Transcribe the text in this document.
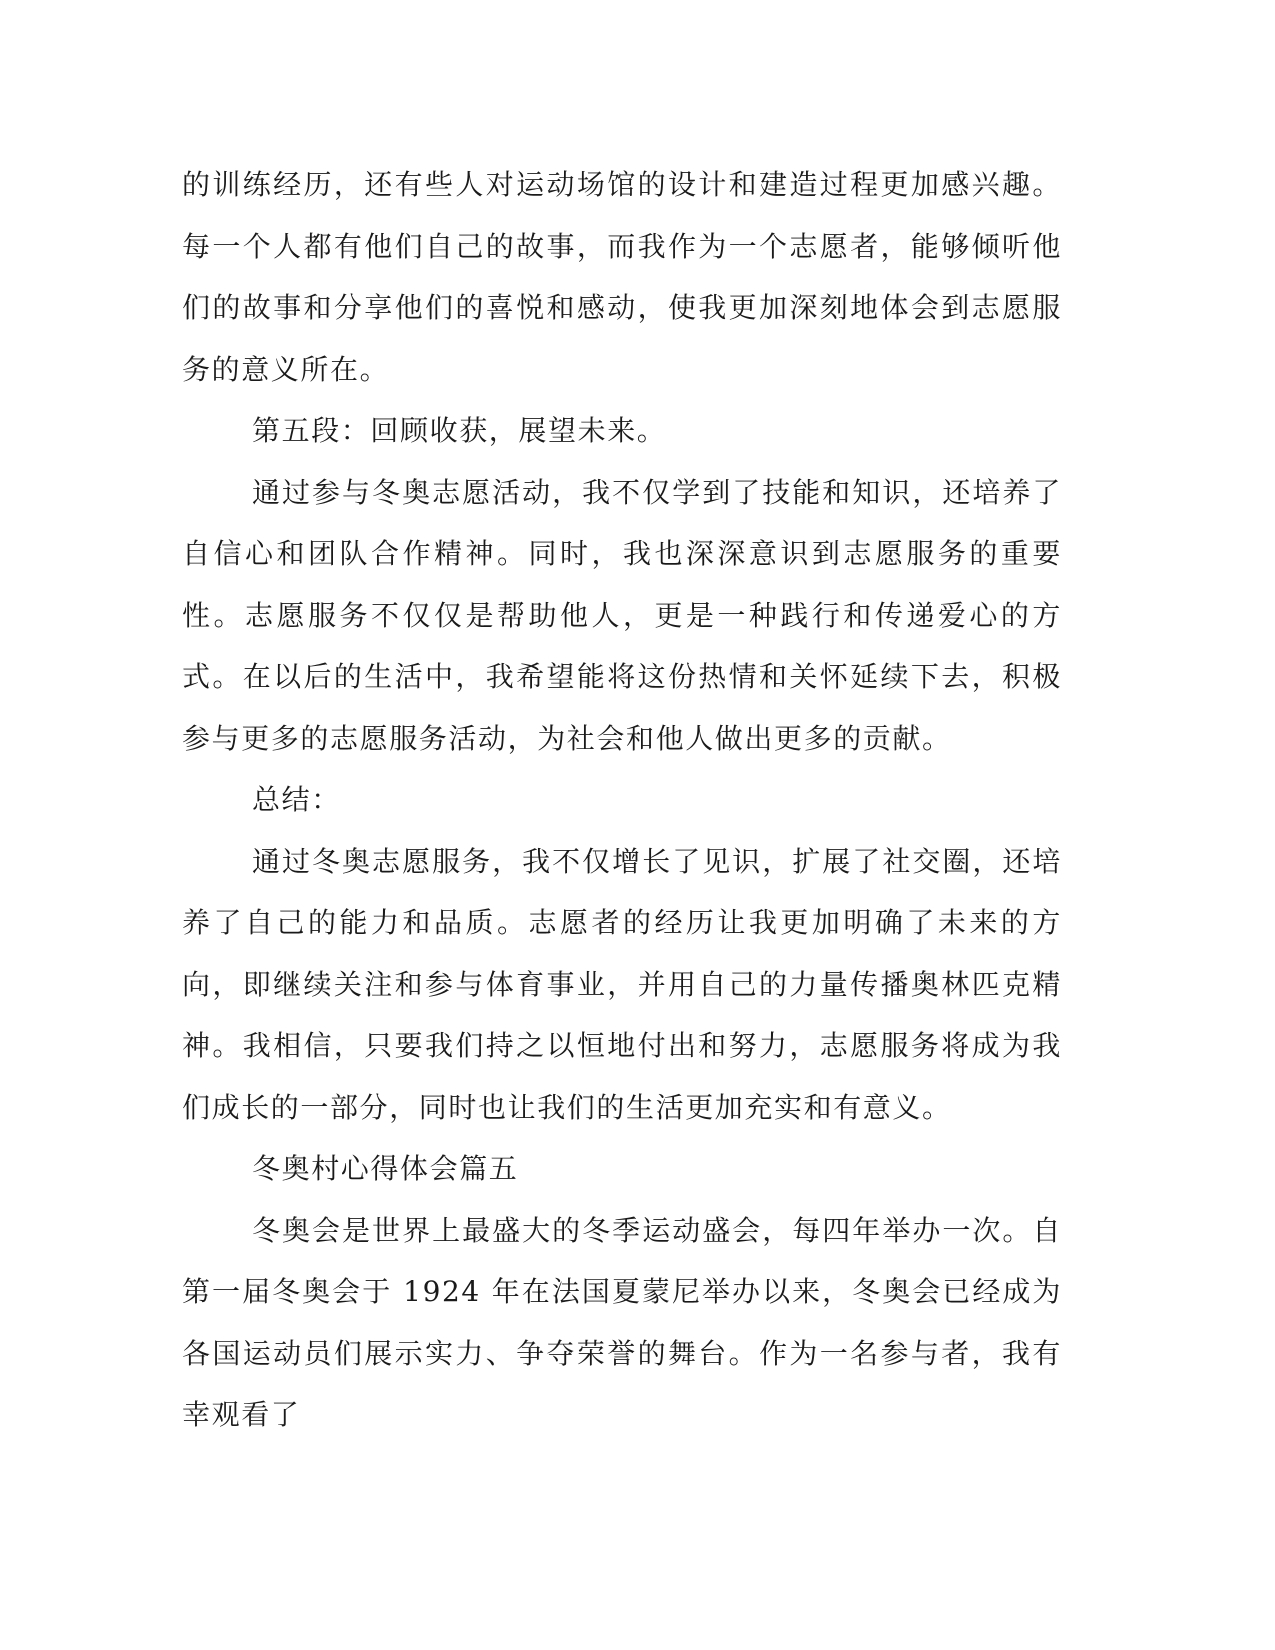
的训练经历，还有些人对运动场馆的设计和建造过程更加感兴趣。每一个人都有他们自己的故事，而我作为一个志愿者，能够倾听他们的故事和分享他们的喜悦和感动，使我更加深刻地体会到志愿服务的意义所在。

第五段：回顾收获，展望未来。

通过参与冬奥志愿活动，我不仅学到了技能和知识，还培养了自信心和团队合作精神。同时，我也深深意识到志愿服务的重要性。志愿服务不仅仅是帮助他人，更是一种践行和传递爱心的方式。在以后的生活中，我希望能将这份热情和关怀延续下去，积极参与更多的志愿服务活动，为社会和他人做出更多的贡献。

总结：

通过冬奥志愿服务，我不仅增长了见识，扩展了社交圈，还培养了自己的能力和品质。志愿者的经历让我更加明确了未来的方向，即继续关注和参与体育事业，并用自己的力量传播奥林匹克精神。我相信，只要我们持之以恒地付出和努力，志愿服务将成为我们成长的一部分，同时也让我们的生活更加充实和有意义。

冬奥村心得体会篇五

冬奥会是世界上最盛大的冬季运动盛会，每四年举办一次。自第一届冬奥会于 1924 年在法国夏蒙尼举办以来，冬奥会已经成为各国运动员们展示实力、争夺荣誉的舞台。作为一名参与者，我有幸观看了
